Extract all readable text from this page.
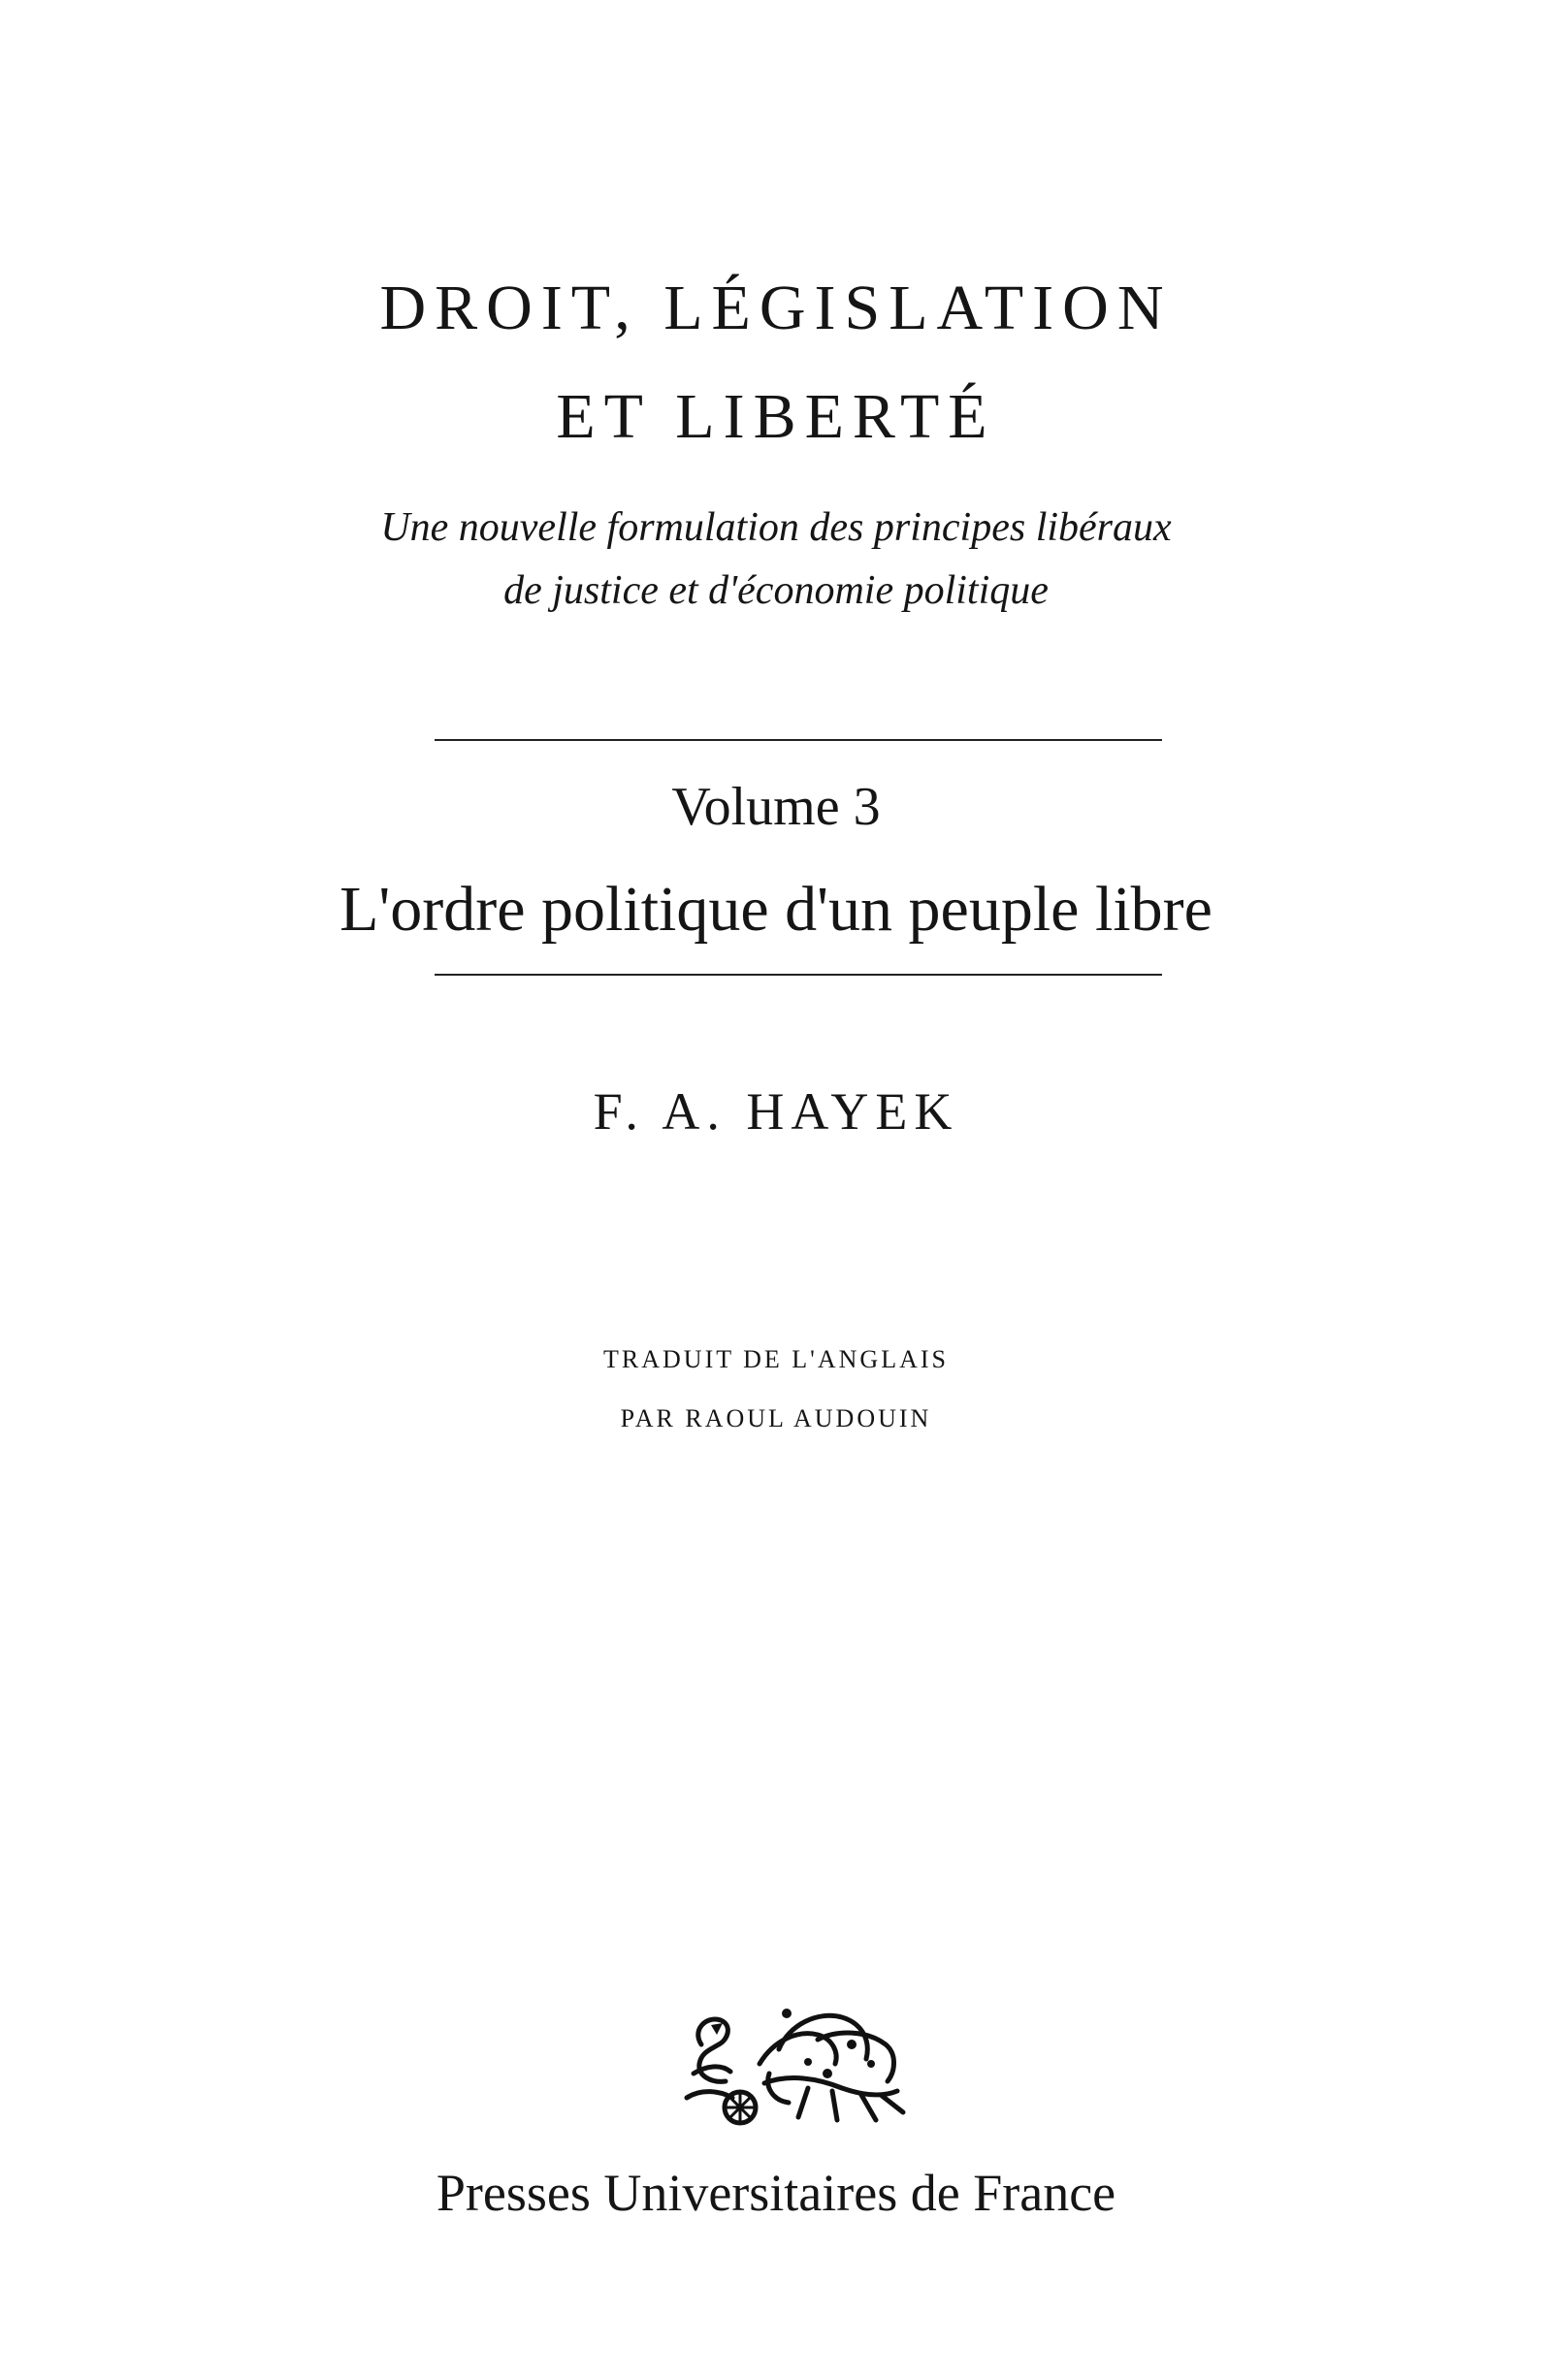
DROIT, LÉGISLATION
ET LIBERTÉ
Une nouvelle formulation des principes libéraux
de justice et d'économie politique
Volume 3
L'ordre politique d'un peuple libre
F. A. HAYEK
TRADUIT DE L'ANGLAIS
PAR RAOUL AUDOUIN
Presses Universitaires de France
